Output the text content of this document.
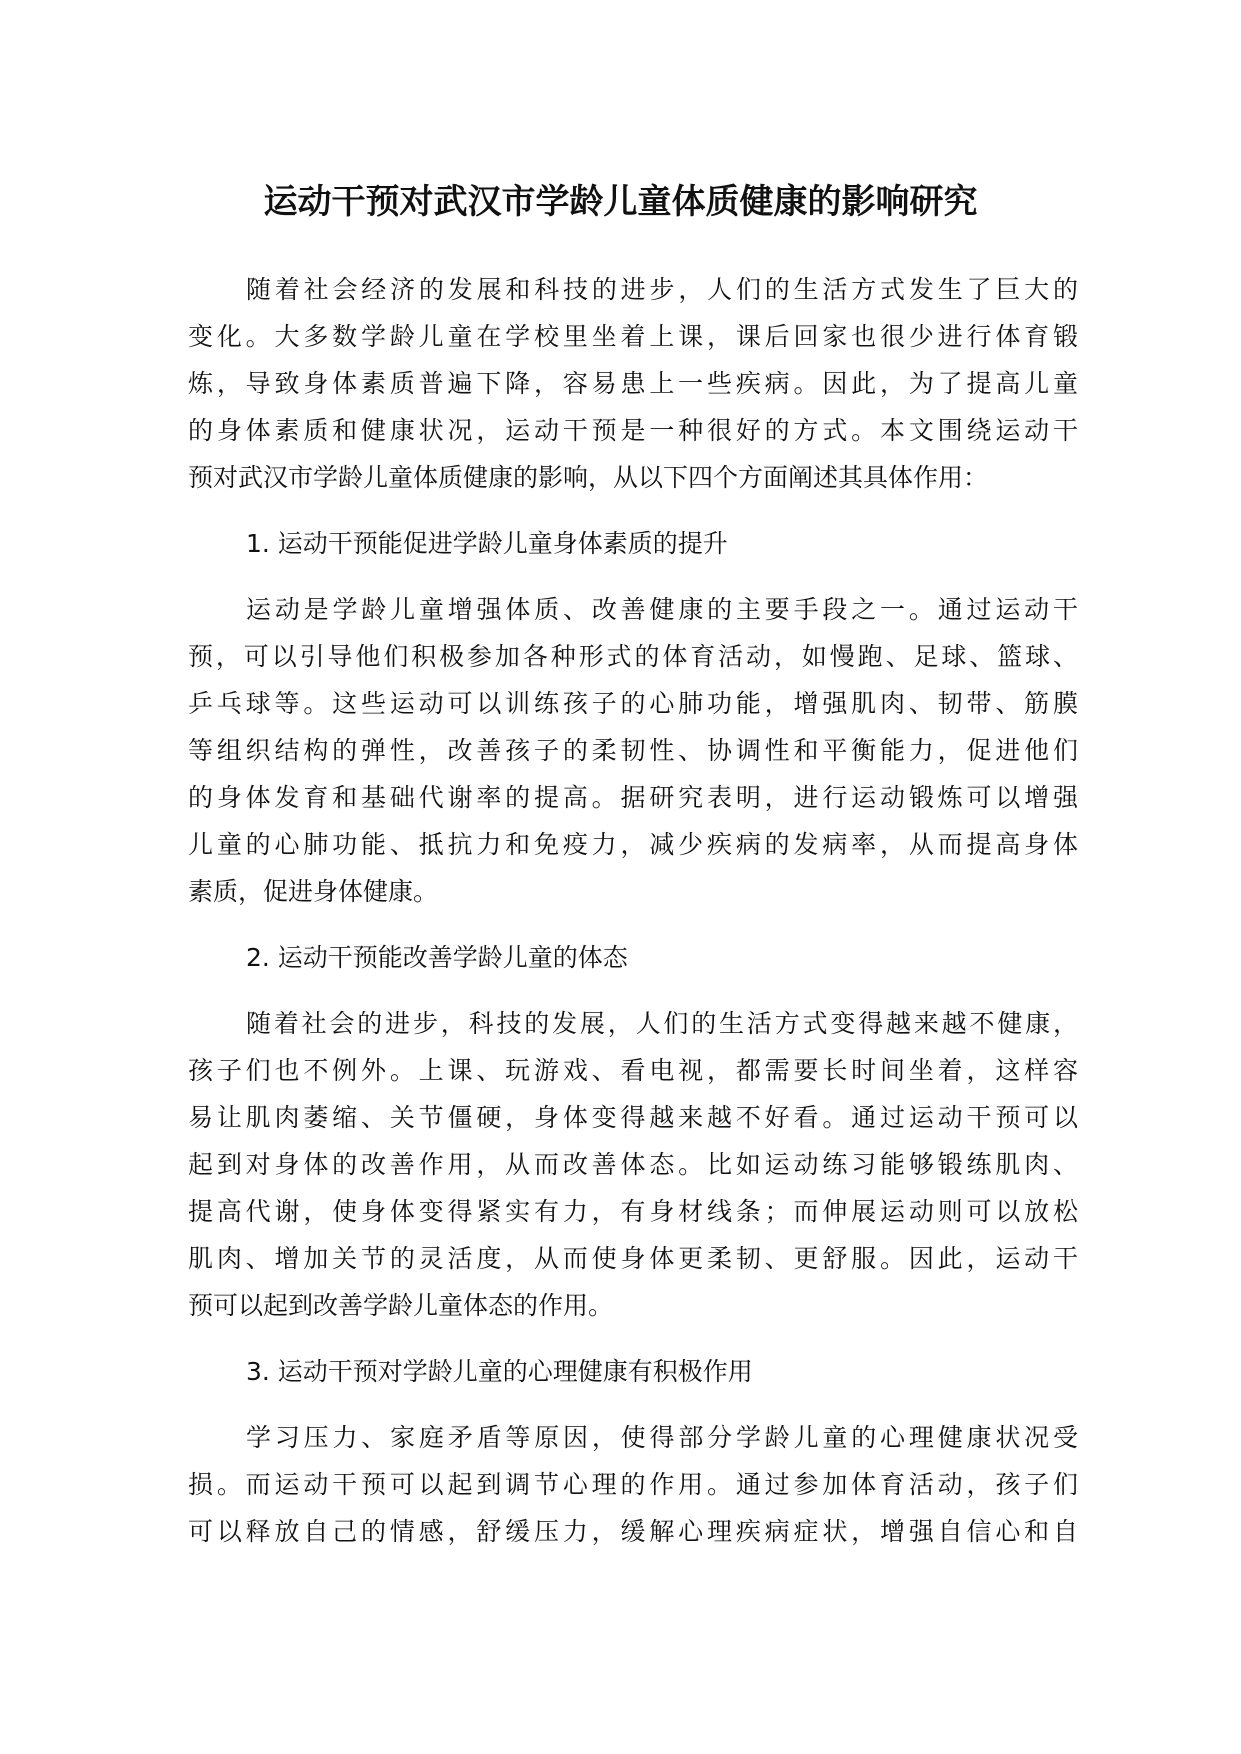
运动干预对武汉市学龄儿童体质健康的影响研究
随着社会经济的发展和科技的进步，人们的生活方式发生了巨大的
变化。大多数学龄儿童在学校里坐着上课，课后回家也很少进行体育锻
炼，导致身体素质普遍下降，容易患上一些疾病。因此，为了提高儿童
的身体素质和健康状况，运动干预是一种很好的方式。本文围绕运动干
预对武汉市学龄儿童体质健康的影响，从以下四个方面阐述其具体作用：
1. 运动干预能促进学龄儿童身体素质的提升
运动是学龄儿童增强体质、改善健康的主要手段之一。通过运动干
预，可以引导他们积极参加各种形式的体育活动，如慢跑、足球、篮球、
乒乓球等。这些运动可以训练孩子的心肺功能，增强肌肉、韧带、筋膜
等组织结构的弹性，改善孩子的柔韧性、协调性和平衡能力，促进他们
的身体发育和基础代谢率的提高。据研究表明，进行运动锻炼可以增强
儿童的心肺功能、抵抗力和免疫力，减少疾病的发病率，从而提高身体
素质，促进身体健康。
2. 运动干预能改善学龄儿童的体态
随着社会的进步，科技的发展，人们的生活方式变得越来越不健康，
孩子们也不例外。上课、玩游戏、看电视，都需要长时间坐着，这样容
易让肌肉萎缩、关节僵硬，身体变得越来越不好看。通过运动干预可以
起到对身体的改善作用，从而改善体态。比如运动练习能够锻练肌肉、
提高代谢，使身体变得紧实有力，有身材线条；而伸展运动则可以放松
肌肉、增加关节的灵活度，从而使身体更柔韧、更舒服。因此，运动干
预可以起到改善学龄儿童体态的作用。
3. 运动干预对学龄儿童的心理健康有积极作用
学习压力、家庭矛盾等原因，使得部分学龄儿童的心理健康状况受
损。而运动干预可以起到调节心理的作用。通过参加体育活动，孩子们
可以释放自己的情感，舒缓压力，缓解心理疾病症状，增强自信心和自
